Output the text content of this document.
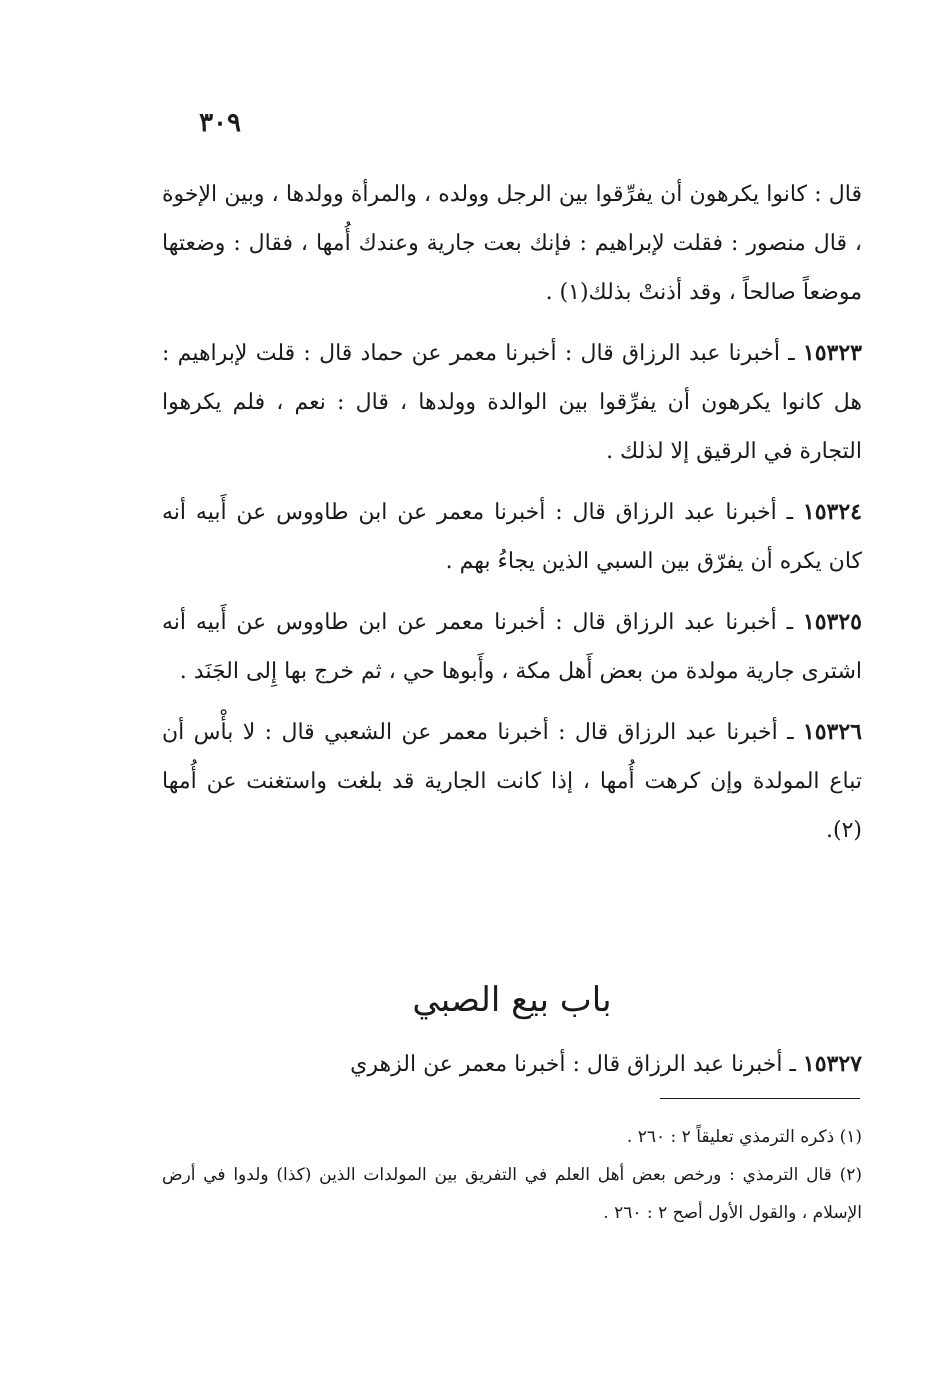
٣٠٩

قال : كانوا يكرهون أن يفرِّقوا بين الرجل وولده ، والمرأة وولدها ، وبين الإخوة ، قال منصور : فقلت لإبراهيم : فإنك بعت جارية وعندك أُمها ، فقال : وضعتها موضعاً صالحاً ، وقد أذنتْ بذلك(١) .

١٥٣٢٣ ـ أخبرنا عبد الرزاق قال : أخبرنا معمر عن حماد قال : قلت لإبراهيم : هل كانوا يكرهون أن يفرِّقوا بين الوالدة وولدها ، قال : نعم ، فلم يكرهوا التجارة في الرقيق إلا لذلك .

١٥٣٢٤ ـ أخبرنا عبد الرزاق قال : أخبرنا معمر عن ابن طاووس عن أَبيه أنه كان يكره أن يفرّق بين السبي الذين يجاءُ بهم .

١٥٣٢٥ ـ أخبرنا عبد الرزاق قال : أخبرنا معمر عن ابن طاووس عن أَبيه أنه اشترى جارية مولدة من بعض أَهل مكة ، وأَبوها حي ، ثم خرج بها إِلى الجَنَد .

١٥٣٢٦ ـ أخبرنا عبد الرزاق قال : أخبرنا معمر عن الشعبي قال : لا بأْس أن تباع المولدة وإن كرهت أُمها ، إذا كانت الجارية قد بلغت واستغنت عن أُمها (٢).

باب بيع الصبي
١٥٣٢٧ ـ أخبرنا عبد الرزاق قال : أخبرنا معمر عن الزهري

(١) ذكره الترمذي تعليقاً ٢ : ٢٦٠ .

(٢) قال الترمذي : ورخص بعض أهل العلم في التفريق بين المولدات الذين (كذا) ولدوا في أرض الإسلام ، والقول الأول أصح ٢ : ٢٦٠ .
